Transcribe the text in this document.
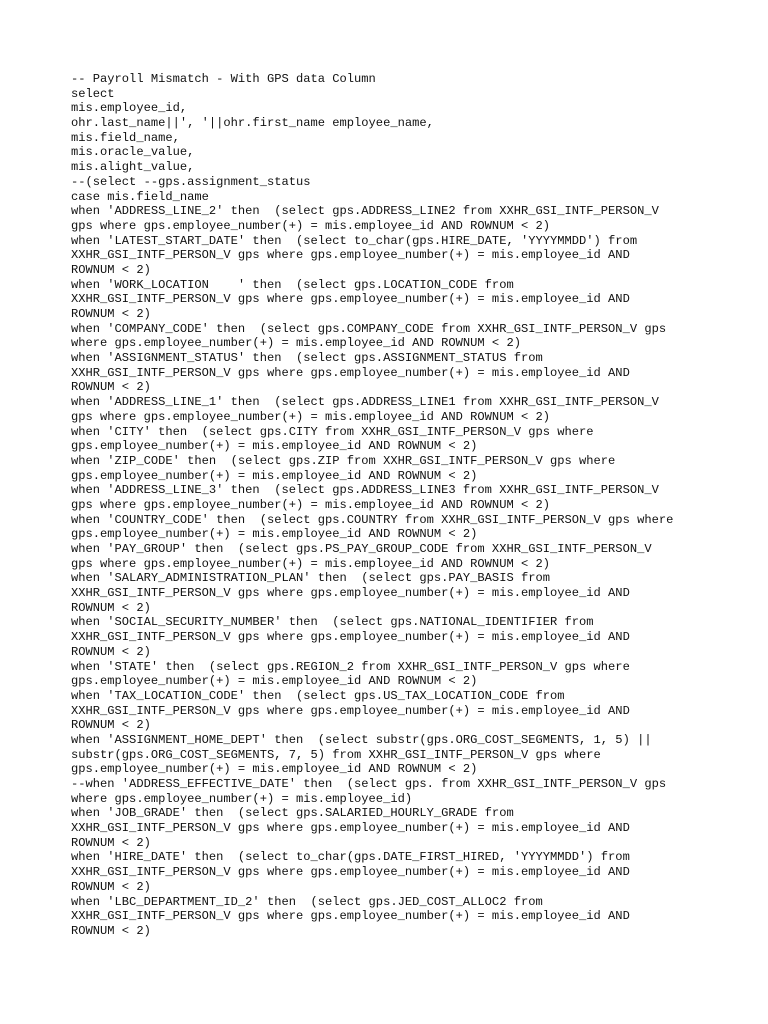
-- Payroll Mismatch - With GPS data Column
select
mis.employee_id,
ohr.last_name||', '||ohr.first_name employee_name,
mis.field_name,
mis.oracle_value,
mis.alight_value,
--(select --gps.assignment_status
case mis.field_name
when 'ADDRESS_LINE_2' then  (select gps.ADDRESS_LINE2 from XXHR_GSI_INTF_PERSON_V
gps where gps.employee_number(+) = mis.employee_id AND ROWNUM < 2)
when 'LATEST_START_DATE' then  (select to_char(gps.HIRE_DATE, 'YYYYMMDD') from
XXHR_GSI_INTF_PERSON_V gps where gps.employee_number(+) = mis.employee_id AND
ROWNUM < 2)
when 'WORK_LOCATION    ' then  (select gps.LOCATION_CODE from
XXHR_GSI_INTF_PERSON_V gps where gps.employee_number(+) = mis.employee_id AND
ROWNUM < 2)
when 'COMPANY_CODE' then  (select gps.COMPANY_CODE from XXHR_GSI_INTF_PERSON_V gps
where gps.employee_number(+) = mis.employee_id AND ROWNUM < 2)
when 'ASSIGNMENT_STATUS' then  (select gps.ASSIGNMENT_STATUS from
XXHR_GSI_INTF_PERSON_V gps where gps.employee_number(+) = mis.employee_id AND
ROWNUM < 2)
when 'ADDRESS_LINE_1' then  (select gps.ADDRESS_LINE1 from XXHR_GSI_INTF_PERSON_V
gps where gps.employee_number(+) = mis.employee_id AND ROWNUM < 2)
when 'CITY' then  (select gps.CITY from XXHR_GSI_INTF_PERSON_V gps where
gps.employee_number(+) = mis.employee_id AND ROWNUM < 2)
when 'ZIP_CODE' then  (select gps.ZIP from XXHR_GSI_INTF_PERSON_V gps where
gps.employee_number(+) = mis.employee_id AND ROWNUM < 2)
when 'ADDRESS_LINE_3' then  (select gps.ADDRESS_LINE3 from XXHR_GSI_INTF_PERSON_V
gps where gps.employee_number(+) = mis.employee_id AND ROWNUM < 2)
when 'COUNTRY_CODE' then  (select gps.COUNTRY from XXHR_GSI_INTF_PERSON_V gps where
gps.employee_number(+) = mis.employee_id AND ROWNUM < 2)
when 'PAY_GROUP' then  (select gps.PS_PAY_GROUP_CODE from XXHR_GSI_INTF_PERSON_V
gps where gps.employee_number(+) = mis.employee_id AND ROWNUM < 2)
when 'SALARY_ADMINISTRATION_PLAN' then  (select gps.PAY_BASIS from
XXHR_GSI_INTF_PERSON_V gps where gps.employee_number(+) = mis.employee_id AND
ROWNUM < 2)
when 'SOCIAL_SECURITY_NUMBER' then  (select gps.NATIONAL_IDENTIFIER from
XXHR_GSI_INTF_PERSON_V gps where gps.employee_number(+) = mis.employee_id AND
ROWNUM < 2)
when 'STATE' then  (select gps.REGION_2 from XXHR_GSI_INTF_PERSON_V gps where
gps.employee_number(+) = mis.employee_id AND ROWNUM < 2)
when 'TAX_LOCATION_CODE' then  (select gps.US_TAX_LOCATION_CODE from
XXHR_GSI_INTF_PERSON_V gps where gps.employee_number(+) = mis.employee_id AND
ROWNUM < 2)
when 'ASSIGNMENT_HOME_DEPT' then  (select substr(gps.ORG_COST_SEGMENTS, 1, 5) ||
substr(gps.ORG_COST_SEGMENTS, 7, 5) from XXHR_GSI_INTF_PERSON_V gps where
gps.employee_number(+) = mis.employee_id AND ROWNUM < 2)
--when 'ADDRESS_EFFECTIVE_DATE' then  (select gps. from XXHR_GSI_INTF_PERSON_V gps
where gps.employee_number(+) = mis.employee_id)
when 'JOB_GRADE' then  (select gps.SALARIED_HOURLY_GRADE from
XXHR_GSI_INTF_PERSON_V gps where gps.employee_number(+) = mis.employee_id AND
ROWNUM < 2)
when 'HIRE_DATE' then  (select to_char(gps.DATE_FIRST_HIRED, 'YYYYMMDD') from
XXHR_GSI_INTF_PERSON_V gps where gps.employee_number(+) = mis.employee_id AND
ROWNUM < 2)
when 'LBC_DEPARTMENT_ID_2' then  (select gps.JED_COST_ALLOC2 from
XXHR_GSI_INTF_PERSON_V gps where gps.employee_number(+) = mis.employee_id AND
ROWNUM < 2)
